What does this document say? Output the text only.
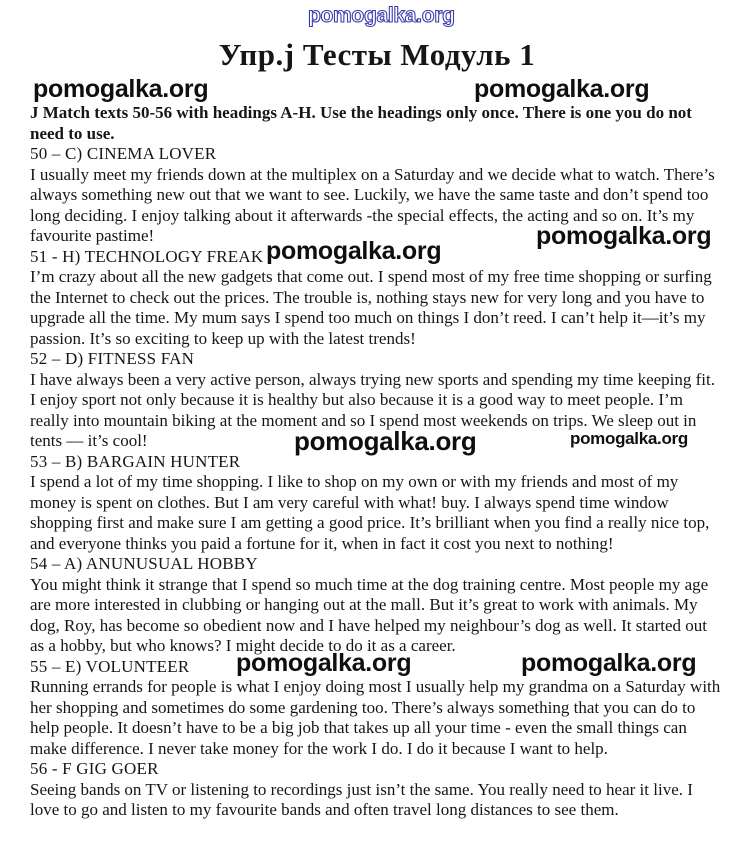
pomogalka.org
pomogalka.org	pomogalka.org
pomogalka.org
pomogalka.org
pomogalka.org	pomogalka.org
pomogalka.org	pomogalka.org
Упр.j Тесты Модуль 1

J Match texts 50-56 with headings A-H. Use the headings only once. There is one you do not need to use.

50 – C) CINEMA LOVER

I usually meet my friends down at the multiplex on a Saturday and we decide what to watch. There’s always something new out that we want to see. Luckily, we have the same taste and don’t spend too long deciding. I enjoy talking about it afterwards -the special effects, the acting and so on. It’s my favourite pastime!

51 - H) TECHNOLOGY FREAK

I’m crazy about all the new gadgets that come out. I spend most of my free time shopping or surfing the Internet to check out the prices. The trouble is, nothing stays new for very long and you have to upgrade all the time. My mum says I spend too much on things I don’t reed. I can’t help it—it’s my passion. It’s so exciting to keep up with the latest trends!

52 – D) FITNESS FAN

I have always been a very active person, always trying new sports and spending my time keeping fit. I enjoy sport not only because it is healthy but also because it is a good way to meet people. I’m really into mountain biking at the moment and so I spend most weekends on trips. We sleep out in tents — it’s cool!

53 – B) BARGAIN HUNTER

I spend a lot of my time shopping. I like to shop on my own or with my friends and most of my money is spent on clothes. But I am very careful with what! buy. I always spend time window shopping first and make sure I am getting a good price. It’s brilliant when you find a really nice top, and everyone thinks you paid a fortune for it, when in fact it cost you next to nothing!

54 – A) ANUNUSUAL HOBBY

You might think it strange that I spend so much time at the dog training centre. Most people my age are more interested in clubbing or hanging out at the mall. But it’s great to work with animals. My dog, Roy, has become so obedient now and I have helped my neighbour’s dog as well. It started out as a hobby, but who knows? I might decide to do it as a career.

55 – E) VOLUNTEER

Running errands for people is what I enjoy doing most I usually help my grandma on a Saturday with her shopping and sometimes do some gardening too. There’s always something that you can do to help people. It doesn’t have to be a big job that takes up all your time - even the small things can make difference. I never take money for the work I do. I do it because I want to help.

56 - F GIG GOER

Seeing bands on TV or listening to recordings just isn’t the same. You really need to hear it live. I love to go and listen to my favourite bands and often travel long distances to see them.
